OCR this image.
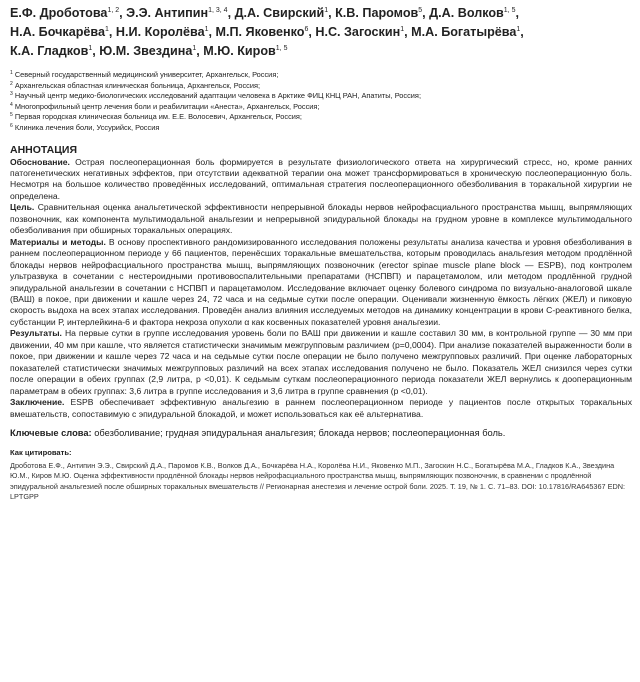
Е.Ф. Дроботова$^{1, 2}$, Э.Э. Антипин$^{1, 3, 4}$, Д.А. Свирский$^1$, К.В. Паромов$^5$, Д.А. Волков$^{1, 5}$,
Н.А. Бочкарёва$^1$, Н.И. Королёва$^1$, М.П. Яковенко$^6$, Н.С. Загоскин$^1$, М.А. Богатырёва$^1$,
К.А. Гладков$^1$, Ю.М. Звездина$^1$, М.Ю. Киров$^{1, 5}$
$^1$ Северный государственный медицинский университет, Архангельск, Россия;
$^2$ Архангельская областная клиническая больница, Архангельск, Россия;
$^3$ Научный центр медико-биологических исследований адаптации человека в Арктике ФИЦ КНЦ РАН, Апатиты, Россия;
$^4$ Многопрофильный центр лечения боли и реабилитации «Анеста», Архангельск, Россия;
$^5$ Первая городская клиническая больница им. Е.Е. Волосевич, Архангельск, Россия;
$^6$ Клиника лечения боли, Уссурийск, Россия
АННОТАЦИЯ

Обоснование. Острая послеоперационная боль формируется в результате физиологического ответа на хирургический стресс, но, кроме ранних патогенетических негативных эффектов, при отсутствии адекватной терапии она может трансформироваться в хроническую послеоперационную боль. Несмотря на большое количество проведённых исследований, оптимальная стратегия послеоперационного обезболивания в торакальной хирургии не определена.

Цель. Сравнительная оценка анальгетической эффективности непрерывной блокады нервов нейрофасциального пространства мышц, выпрямляющих позвоночник, как компонента мультимодальной анальгезии и непрерывной эпидуральной блокады на грудном уровне в комплексе мультимодального обезболивания при обширных торакальных операциях.

Материалы и методы. В основу проспективного рандомизированного исследования положены результаты анализа качества и уровня обезболивания в раннем послеоперационном периоде у 66 пациентов, перенёсших торакальные вмешательства, которым проводилась анальгезия методом продлённой блокады нервов нейрофасциального пространства мышц, выпрямляющих позвоночник (erector spinae muscle plane block — ESPB), под контролем ультразвука в сочетании с нестероидными противовоспалительными препаратами (НСПВП) и парацетамолом, или методом продлённой грудной эпидуральной анальгезии в сочетании с НСПВП и парацетамолом. Исследование включает оценку болевого синдрома по визуально-аналоговой шкале (ВАШ) в покое, при движении и кашле через 24, 72 часа и на седьмые сутки после операции. Оценивали жизненную ёмкость лёгких (ЖЕЛ) и пиковую скорость выдоха на всех этапах исследования. Проведён анализ влияния исследуемых методов на динамику концентрации в крови С-реактивного белка, субстанции Р, интерлейкина-6 и фактора некроза опухоли α как косвенных показателей уровня анальгезии.

Результаты. На первые сутки в группе исследования уровень боли по ВАШ при движении и кашле составил 30 мм, в контрольной группе — 30 мм при движении, 40 мм при кашле, что является статистически значимым межгрупповым различием (p=0,0004). При анализе показателей выраженности боли в покое, при движении и кашле через 72 часа и на седьмые сутки после операции не было получено межгрупповых различий. При оценке лабораторных показателей статистически значимых межгрупповых различий на всех этапах исследования получено не было. Показатель ЖЕЛ снизился через сутки после операции в обеих группах (2,9 литра, p <0,01). К седьмым суткам послеоперационного периода показатели ЖЕЛ вернулись к дооперационным параметрам в обеих группах: 3,6 литра в группе исследования и 3,6 литра в группе сравнения (p <0,01).

Заключение. ESPB обеспечивает эффективную анальгезию в раннем послеоперационном периоде у пациентов после открытых торакальных вмешательств, сопоставимую с эпидуральной блокадой, и может использоваться как её альтернатива.

Ключевые слова: обезболивание; грудная эпидуральная анальгезия; блокада нервов; послеоперационная боль.
Как цитировать:
Дроботова Е.Ф., Антипин Э.Э., Свирский Д.А., Паромов К.В., Волков Д.А., Бочкарёва Н.А., Королёва Н.И., Яковенко М.П., Загоскин Н.С., Богатырёва М.А., Гладков К.А., Звездина Ю.М., Киров М.Ю. Оценка эффективности продлённой блокады нервов нейрофасциального пространства мышц, выпрямляющих позвоночник, в сравнении с продлённой эпидуральной анальгезией после обширных торакальных вмешательств // Регионарная анестезия и лечение острой боли. 2025. Т. 19, № 1. С. 71–83. DOI: 10.17816/RA645367 EDN: LPTGPP
